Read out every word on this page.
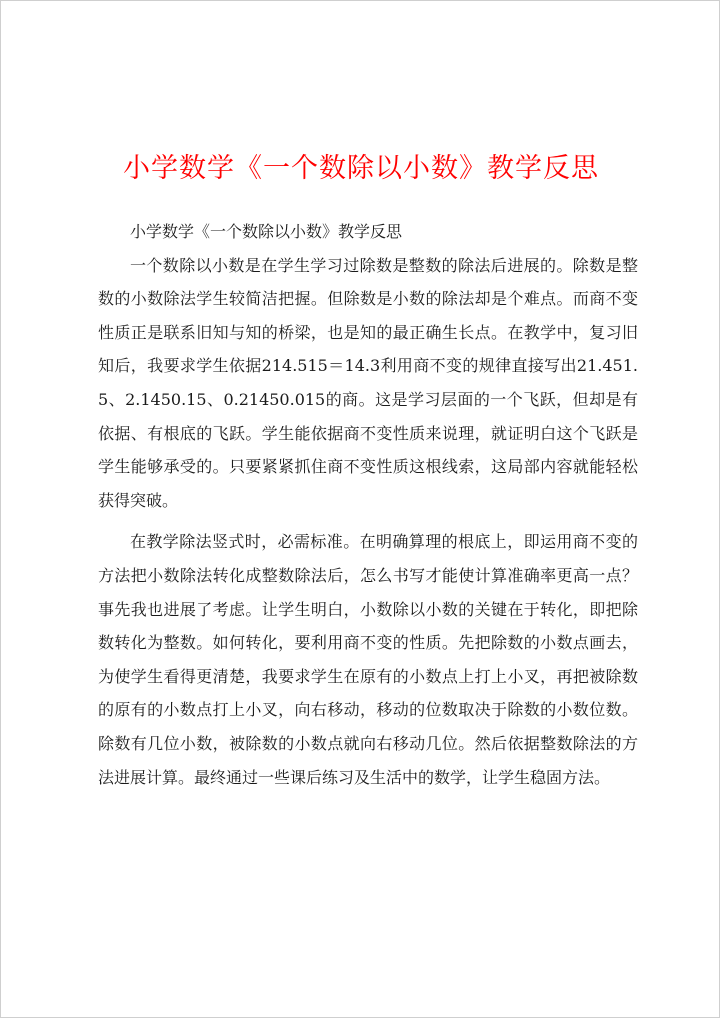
小学数学《一个数除以小数》教学反思

小学数学《一个数除以小数》教学反思

一个数除以小数是在学生学习过除数是整数的除法后进展的。除数是整数的小数除法学生较简洁把握。但除数是小数的除法却是个难点。而商不变性质正是联系旧知与知的桥梁，也是知的最正确生长点。在教学中，复习旧知后，我要求学生依据214.515＝14.3利用商不变的规律直接写出21.451.5、2.1450.15、0.21450.015的商。这是学习层面的一个飞跃，但却是有依据、有根底的飞跃。学生能依据商不变性质来说理，就证明白这个飞跃是学生能够承受的。只要紧紧抓住商不变性质这根线索，这局部内容就能轻松获得突破。

在教学除法竖式时，必需标准。在明确算理的根底上，即运用商不变的方法把小数除法转化成整数除法后，怎么书写才能使计算准确率更高一点？事先我也进展了考虑。让学生明白，小数除以小数的关键在于转化，即把除数转化为整数。如何转化，要利用商不变的性质。先把除数的小数点画去，为使学生看得更清楚，我要求学生在原有的小数点上打上小叉，再把被除数的原有的小数点打上小叉，向右移动，移动的位数取决于除数的小数位数。除数有几位小数，被除数的小数点就向右移动几位。然后依据整数除法的方法进展计算。最终通过一些课后练习及生活中的数学，让学生稳固方法。
